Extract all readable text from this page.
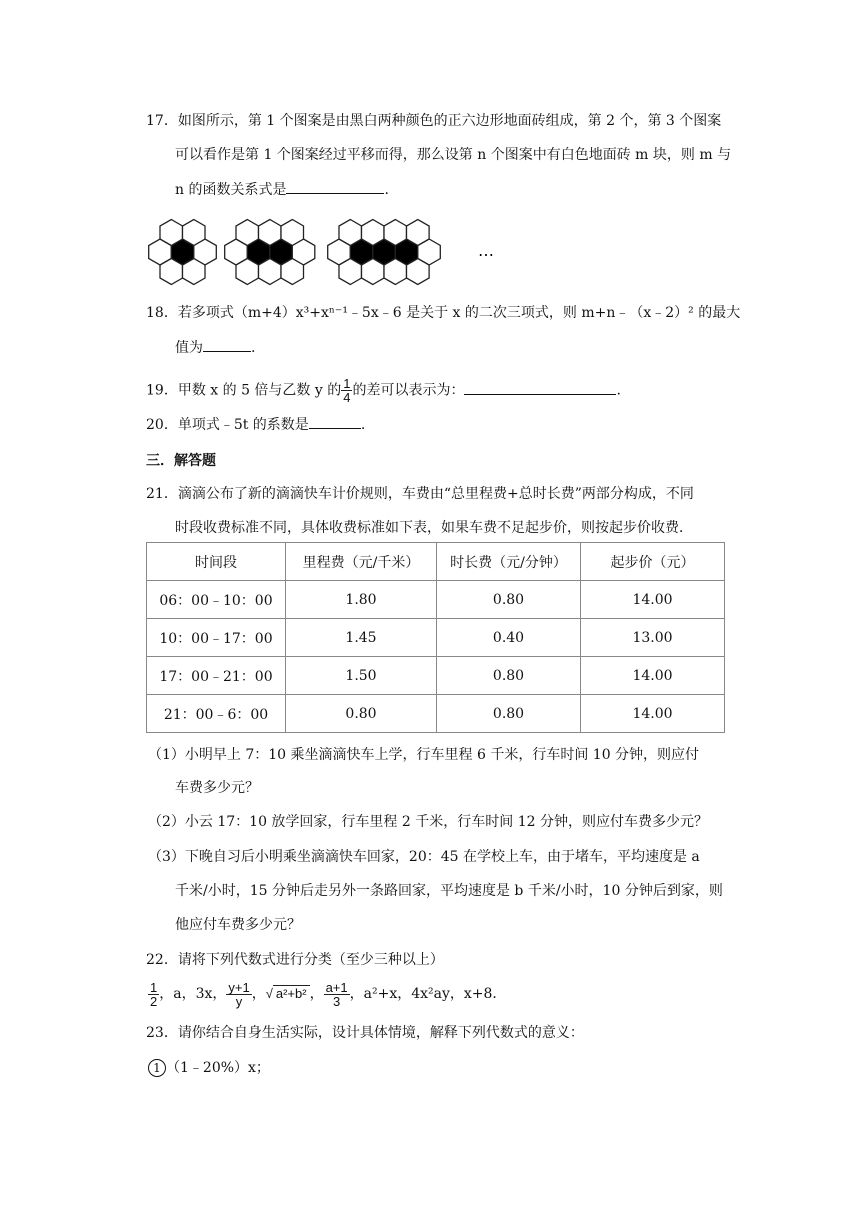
17．如图所示，第 1 个图案是由黑白两种颜色的正六边形地面砖组成，第 2 个，第 3 个图案
可以看作是第 1 个图案经过平移而得，那么设第 n 个图案中有白色地面砖 m 块，则 m 与
n 的函数关系式是	.
…
18．若多项式（m+4）x³+xⁿ⁻¹﹣5x﹣6 是关于 x 的二次三项式，则 m+n﹣（x﹣2）² 的最大
值为	.
19．甲数 x 的 5 倍与乙数 y 的 $\frac{1}{4}$ 的差可以表示为：	.
20．单项式﹣5t 的系数是	.
三．解答题
21．滴滴公布了新的滴滴快车计价规则，车费由“总里程费+总时长费”两部分构成，不同
时段收费标准不同，具体收费标准如下表，如果车费不足起步价，则按起步价收费．
时间段	里程费（元/千米）	时长费（元/分钟）	起步价（元）
06：00﹣10：00	1.80	0.80	14.00
10：00﹣17：00	1.45	0.40	13.00
17：00﹣21：00	1.50	0.80	14.00
21：00﹣6：00	0.80	0.80	14.00
（1）小明早上 7：10 乘坐滴滴快车上学，行车里程 6 千米，行车时间 10 分钟，则应付
车费多少元？
（2）小云 17：10 放学回家，行车里程 2 千米，行车时间 12 分钟，则应付车费多少元？
（3）下晚自习后小明乘坐滴滴快车回家，20：45 在学校上车，由于堵车，平均速度是 a
千米/小时，15 分钟后走另外一条路回家，平均速度是 b 千米/小时，10 分钟后到家，则
他应付车费多少元？
22．请将下列代数式进行分类（至少三种以上）
$\frac{1}{2}$ ，a，3x， $\frac{y+1}{y}$ ，√ a²+b² ， $\frac{a+1}{3}$ ，a²+x，4x²ay，x+8．
23．请你结合自身生活实际，设计具体情境，解释下列代数式的意义：
1 （1﹣20%）x；
